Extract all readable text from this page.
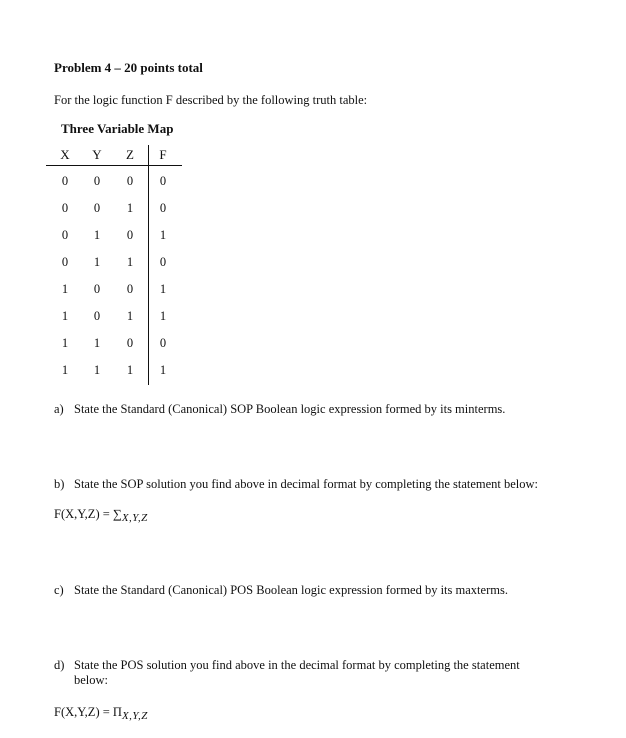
Problem 4 – 20 points total
For the logic function F described by the following truth table:
Three Variable Map
X	Y	Z	F
0	0	0	0
0	0	1	0
0	1	0	1
0	1	1	0
1	0	0	1
1	0	1	1
1	1	0	0
1	1	1	1
a) State the Standard (Canonical) SOP Boolean logic expression formed by its minterms.
b) State the SOP solution you find above in decimal format by completing the statement below:
F(X,Y,Z) = ∑X,Y,Z
c) State the Standard (Canonical) POS Boolean logic expression formed by its maxterms.
d) State the POS solution you find above in the decimal format by completing the statement
below:
F(X,Y,Z) = ΠX,Y,Z
